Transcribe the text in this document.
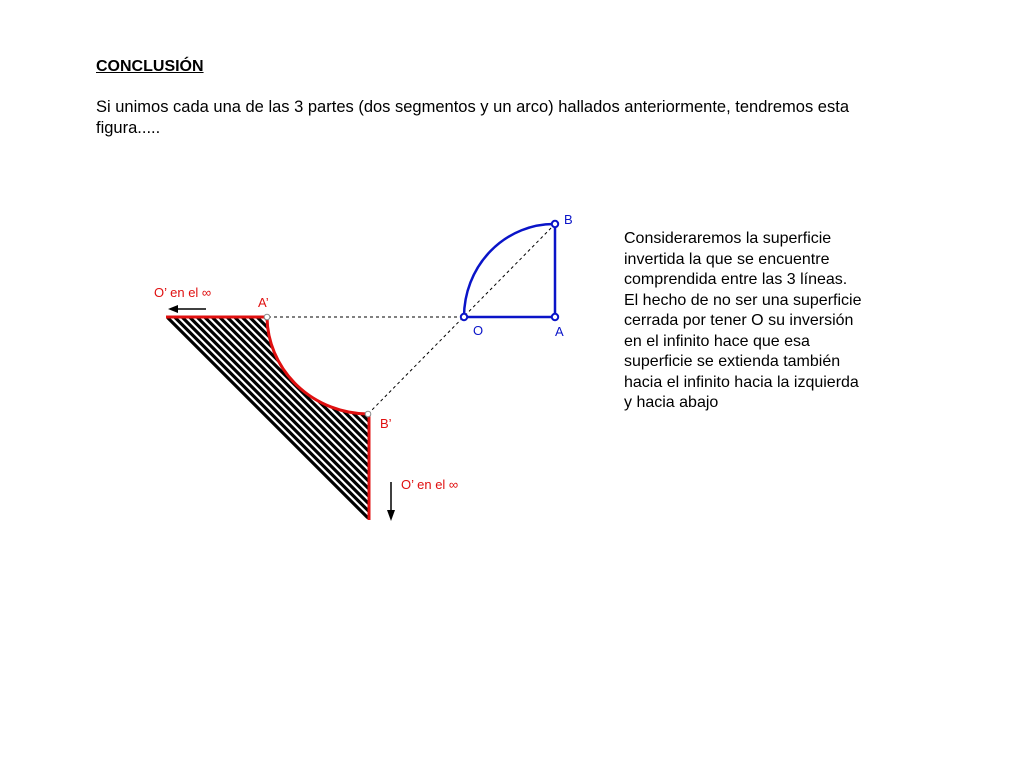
CONCLUSIÓN
Si unimos cada una de las 3 partes (dos segmentos y un arco) hallados anteriormente, tendremos esta figura.....
Consideraremos la superficie invertida la que se encuentre comprendida entre las 3 líneas. El hecho de no ser una superficie cerrada por tener O su inversión en el infinito hace que esa superficie se extienda también hacia el infinito hacia la izquierda y hacia abajo
B
O	A
A’
B’
O’ en el ∞
O’ en el ∞
